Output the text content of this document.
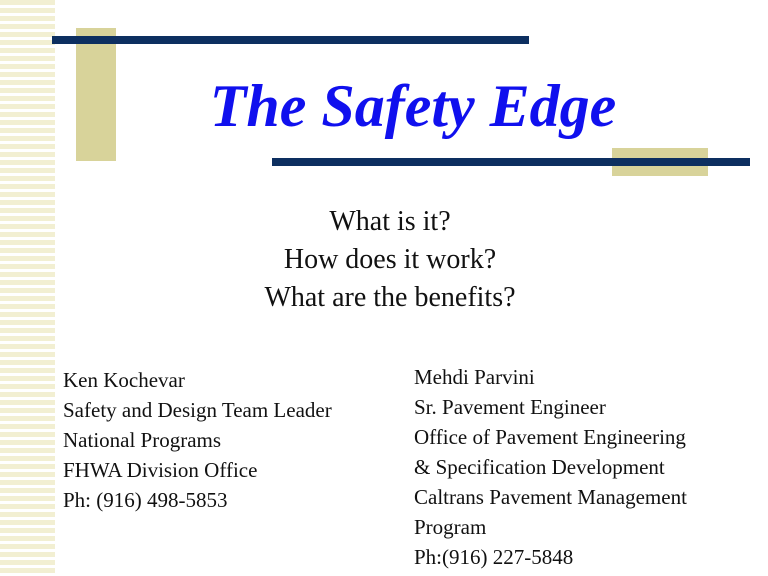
The Safety Edge
What is it?
How does it work?
What are the benefits?
Ken Kochevar
Safety and Design Team Leader
National Programs
FHWA Division Office
Ph: (916) 498-5853
Mehdi Parvini
Sr. Pavement Engineer
Office of Pavement Engineering
& Specification Development
Caltrans Pavement Management
Program
Ph:(916) 227-5848
